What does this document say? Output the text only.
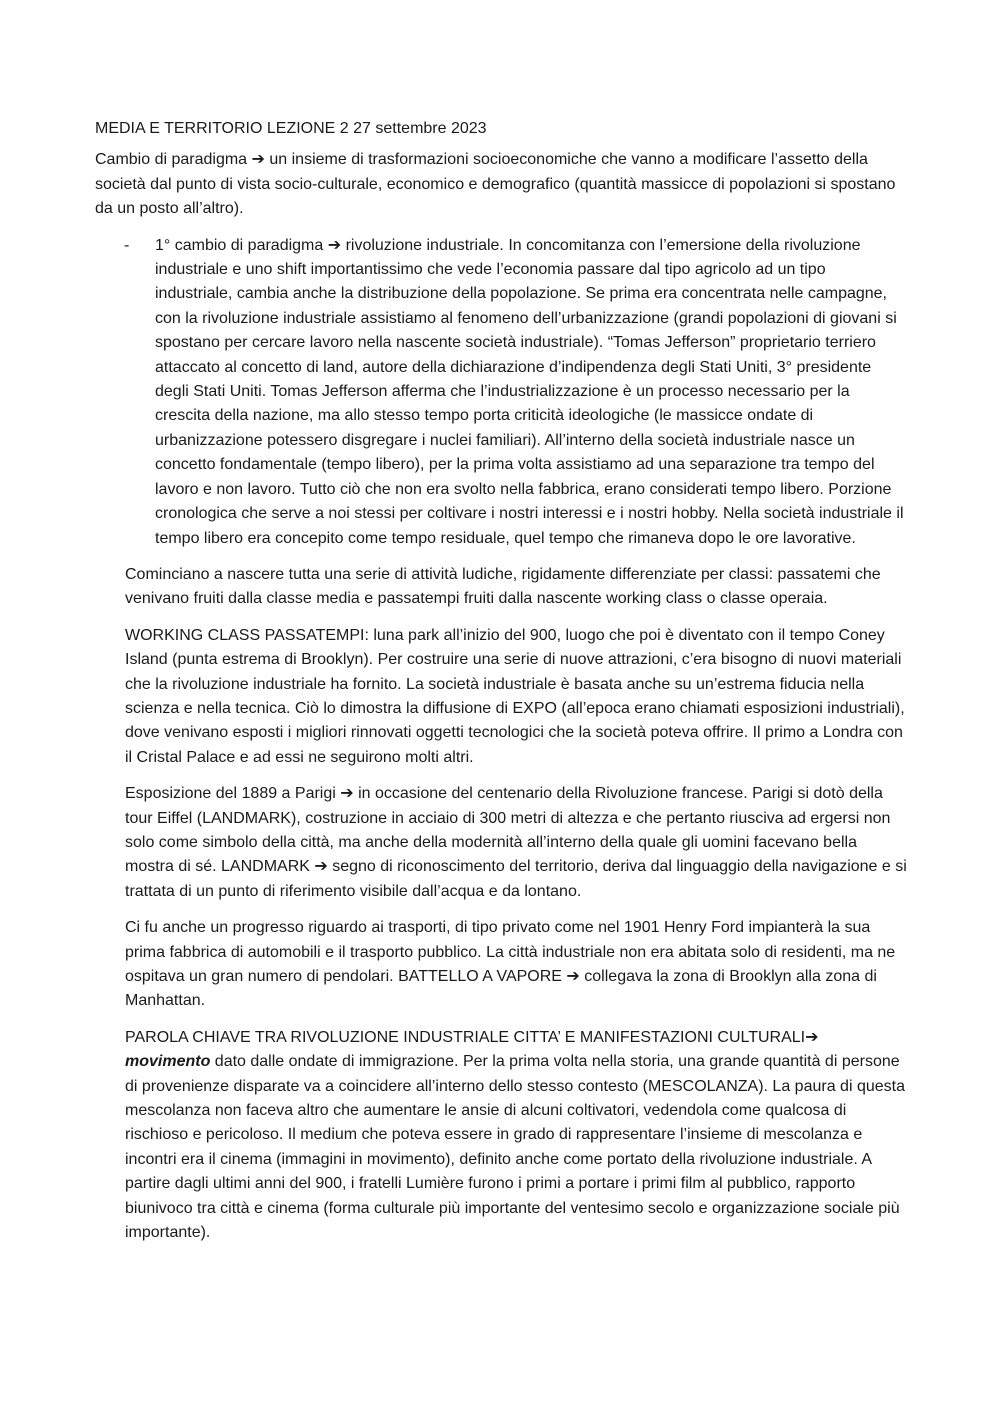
MEDIA E TERRITORIO LEZIONE 2 27 settembre 2023

Cambio di paradigma ➔ un insieme di trasformazioni socioeconomiche che vanno a modificare l’assetto della società dal punto di vista socio-culturale, economico e demografico (quantità massicce di popolazioni si spostano da un posto all’altro).

- 1° cambio di paradigma ➔ rivoluzione industriale. In concomitanza con l’emersione della rivoluzione industriale e uno shift importantissimo che vede l’economia passare dal tipo agricolo ad un tipo industriale, cambia anche la distribuzione della popolazione. Se prima era concentrata nelle campagne, con la rivoluzione industriale assistiamo al fenomeno dell’urbanizzazione (grandi popolazioni di giovani si spostano per cercare lavoro nella nascente società industriale). “Tomas Jefferson” proprietario terriero attaccato al concetto di land, autore della dichiarazione d’indipendenza degli Stati Uniti, 3° presidente degli Stati Uniti. Tomas Jefferson afferma che l’industrializzazione è un processo necessario per la crescita della nazione, ma allo stesso tempo porta criticità ideologiche (le massicce ondate di urbanizzazione potessero disgregare i nuclei familiari). All’interno della società industriale nasce un concetto fondamentale (tempo libero), per la prima volta assistiamo ad una separazione tra tempo del lavoro e non lavoro. Tutto ciò che non era svolto nella fabbrica, erano considerati tempo libero. Porzione cronologica che serve a noi stessi per coltivare i nostri interessi e i nostri hobby. Nella società industriale il tempo libero era concepito come tempo residuale, quel tempo che rimaneva dopo le ore lavorative.

Cominciano a nascere tutta una serie di attività ludiche, rigidamente differenziate per classi: passatemi che venivano fruiti dalla classe media e passatempi fruiti dalla nascente working class o classe operaia.

WORKING CLASS PASSATEMPI: luna park all’inizio del 900, luogo che poi è diventato con il tempo Coney Island (punta estrema di Brooklyn). Per costruire una serie di nuove attrazioni, c’era bisogno di nuovi materiali che la rivoluzione industriale ha fornito. La società industriale è basata anche su un’estrema fiducia nella scienza e nella tecnica. Ciò lo dimostra la diffusione di EXPO (all’epoca erano chiamati esposizioni industriali), dove venivano esposti i migliori rinnovati oggetti tecnologici che la società poteva offrire. Il primo a Londra con il Cristal Palace e ad essi ne seguirono molti altri.

Esposizione del 1889 a Parigi ➔ in occasione del centenario della Rivoluzione francese. Parigi si dotò della tour Eiffel (LANDMARK), costruzione in acciaio di 300 metri di altezza e che pertanto riusciva ad ergersi non solo come simbolo della città, ma anche della modernità all’interno della quale gli uomini facevano bella mostra di sé. LANDMARK ➔ segno di riconoscimento del territorio, deriva dal linguaggio della navigazione e si trattata di un punto di riferimento visibile dall’acqua e da lontano.

Ci fu anche un progresso riguardo ai trasporti, di tipo privato come nel 1901 Henry Ford impianterà la sua prima fabbrica di automobili e il trasporto pubblico. La città industriale non era abitata solo di residenti, ma ne ospitava un gran numero di pendolari. BATTELLO A VAPORE ➔ collegava la zona di Brooklyn alla zona di Manhattan.

PAROLA CHIAVE TRA RIVOLUZIONE INDUSTRIALE CITTA’ E MANIFESTAZIONI CULTURALI➔ movimento dato dalle ondate di immigrazione. Per la prima volta nella storia, una grande quantità di persone di provenienze disparate va a coincidere all’interno dello stesso contesto (MESCOLANZA). La paura di questa mescolanza non faceva altro che aumentare le ansie di alcuni coltivatori, vedendola come qualcosa di rischioso e pericoloso. Il medium che poteva essere in grado di rappresentare l’insieme di mescolanza e incontri era il cinema (immagini in movimento), definito anche come portato della rivoluzione industriale. A partire dagli ultimi anni del 900, i fratelli Lumière furono i primi a portare i primi film al pubblico, rapporto biunivoco tra città e cinema (forma culturale più importante del ventesimo secolo e organizzazione sociale più importante).
